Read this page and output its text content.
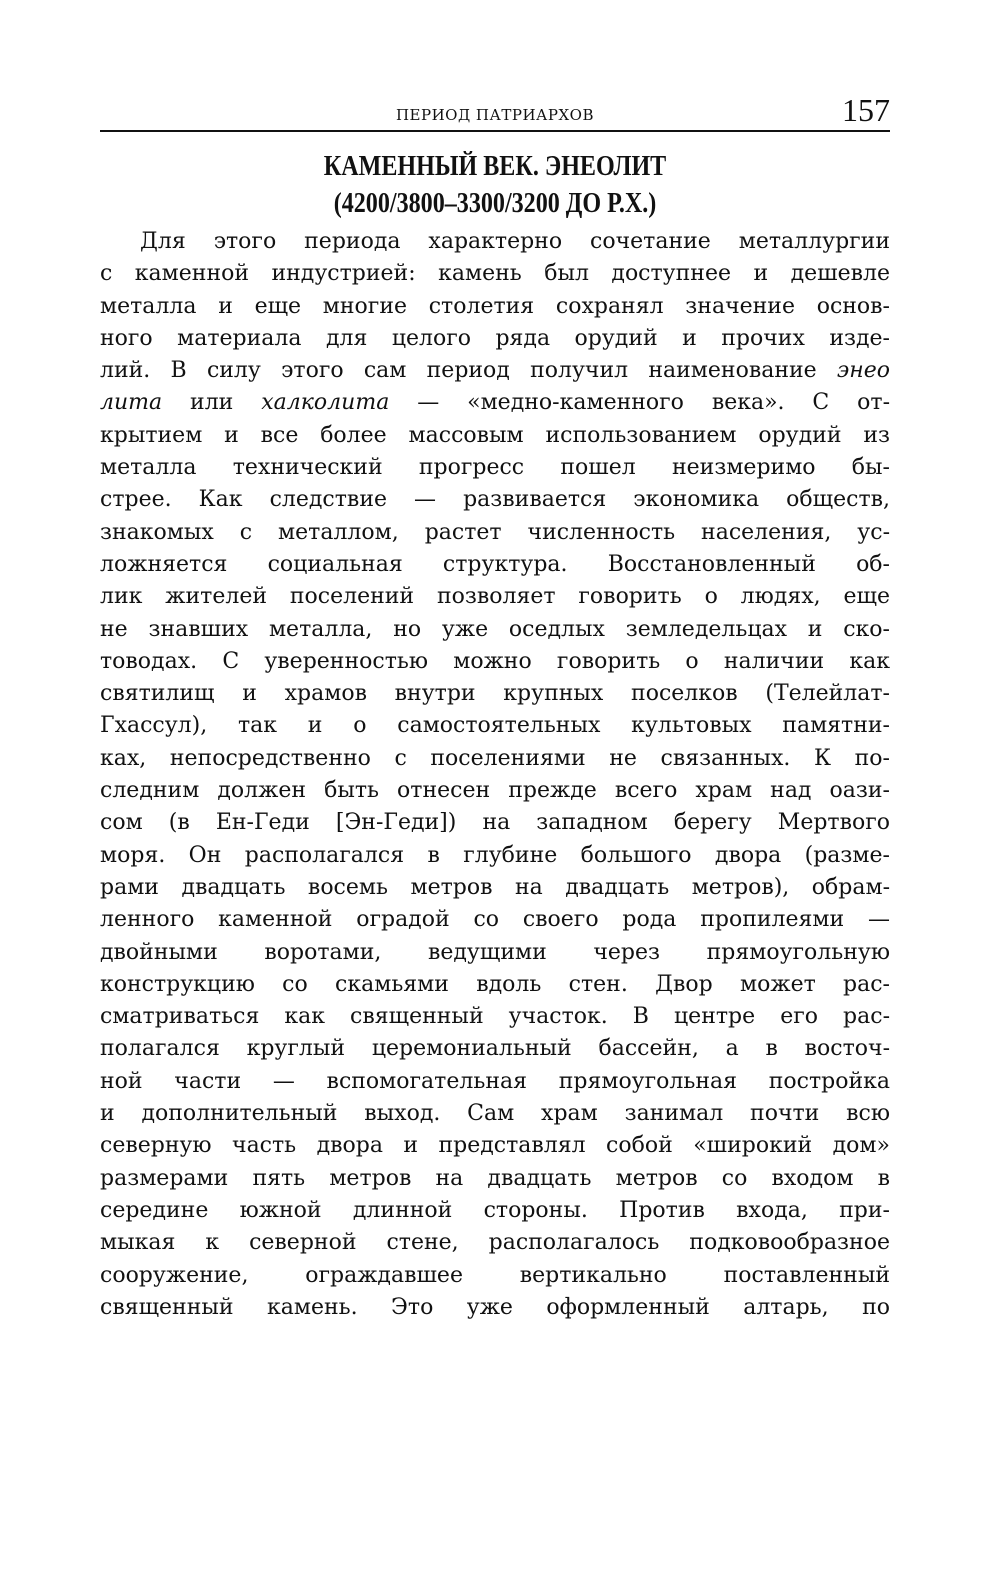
ПЕРИОД ПАТРИАРХОВ	157
КАМЕННЫЙ ВЕК. ЭНЕОЛИТ
(4200/3800–3300/3200 ДО Р.Х.)
Для этого периода характерно сочетание металлургии
с каменной индустрией: камень был доступнее и дешевле
металла и еще многие столетия сохранял значение основ-
ного материала для целого ряда орудий и прочих изде-
лий. В силу этого сам период получил наименование энео
лита или халколита — «медно-каменного века». С от-
крытием и все более массовым использованием орудий из
металла технический прогресс пошел неизмеримо бы-
стрее. Как следствие — развивается экономика обществ,
знакомых с металлом, растет численность населения, ус-
ложняется социальная структура. Восстановленный об-
лик жителей поселений позволяет говорить о людях, еще
не знавших металла, но уже оседлых земледельцах и ско-
товодах. С уверенностью можно говорить о наличии как
святилищ и храмов внутри крупных поселков (Телейлат-
Гхассул), так и о самостоятельных культовых памятни-
ках, непосредственно с поселениями не связанных. К по-
следним должен быть отнесен прежде всего храм над оази-
сом (в Ен-Геди [Эн-Геди]) на западном берегу Мертвого
моря. Он располагался в глубине большого двора (разме-
рами двадцать восемь метров на двадцать метров), обрам-
ленного каменной оградой со своего рода пропилеями —
двойными воротами, ведущими через прямоугольную
конструкцию со скамьями вдоль стен. Двор может рас-
сматриваться как священный участок. В центре его рас-
полагался круглый церемониальный бассейн, а в восточ-
ной части — вспомогательная прямоугольная постройка
и дополнительный выход. Сам храм занимал почти всю
северную часть двора и представлял собой «широкий дом»
размерами пять метров на двадцать метров со входом в
середине южной длинной стороны. Против входа, при-
мыкая к северной стене, располагалось подковообразное
сооружение, ограждавшее вертикально поставленный
священный камень. Это уже оформленный алтарь, по
